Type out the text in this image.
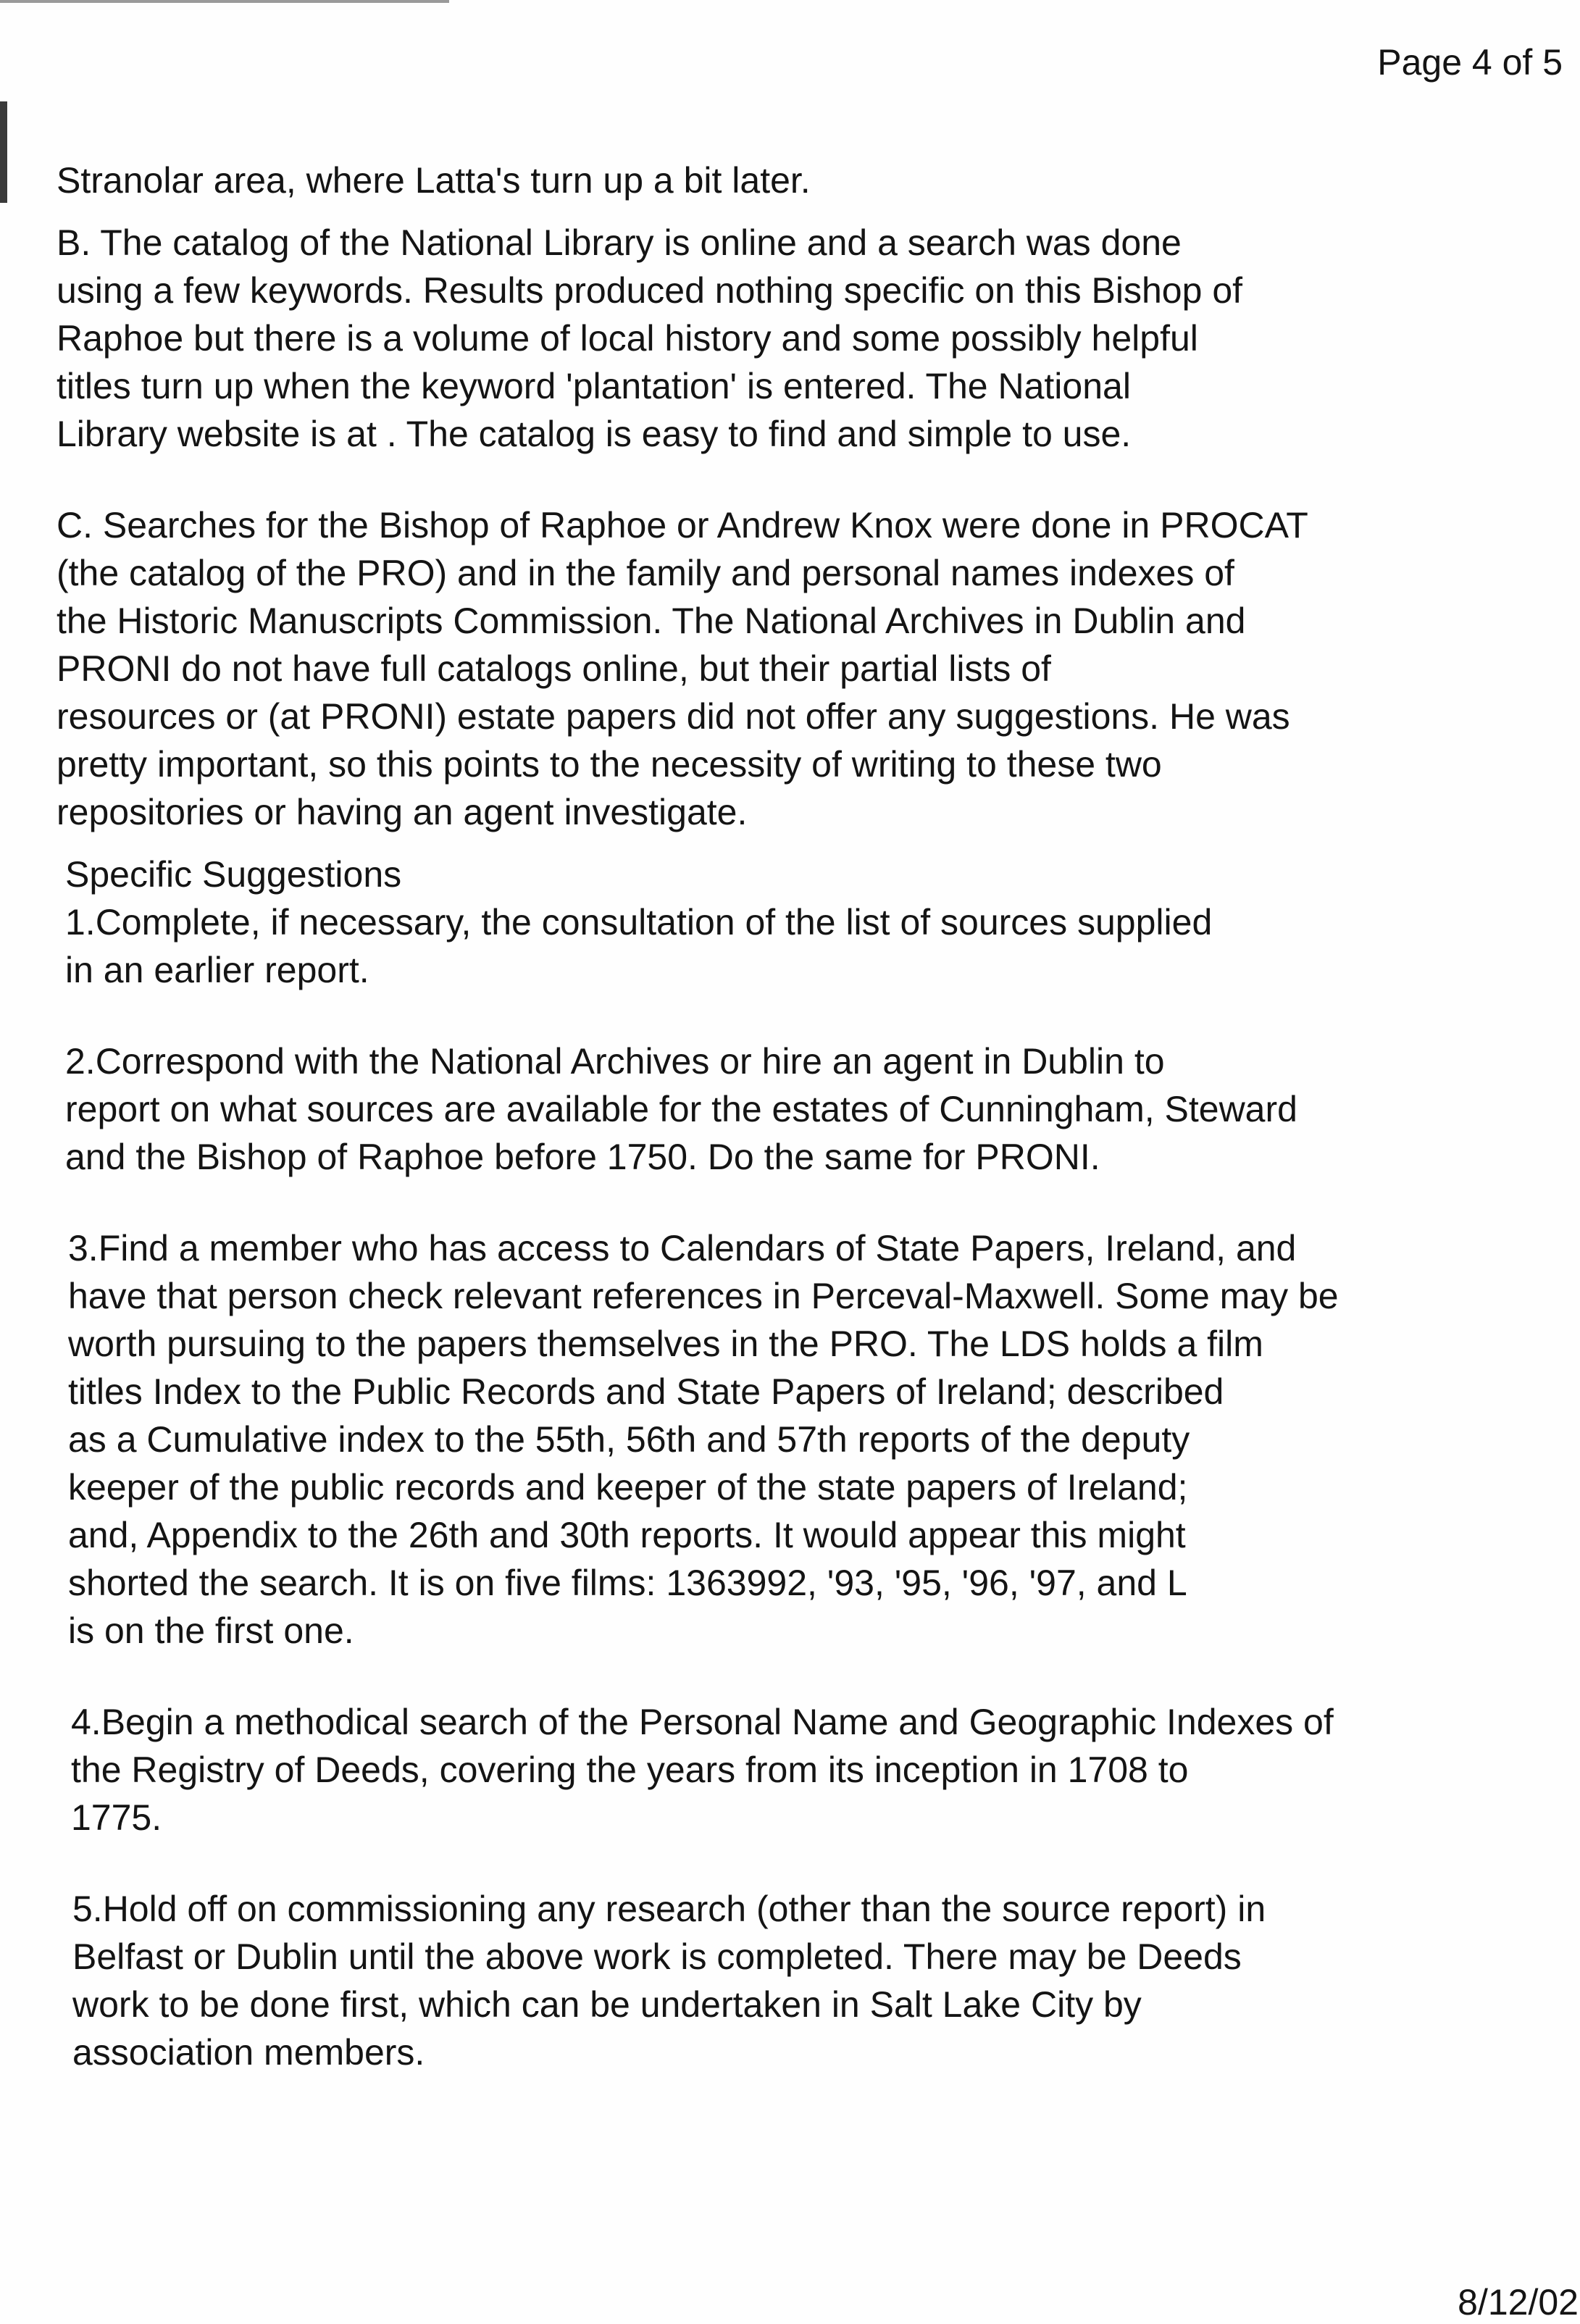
Page 4 of 5

Stranolar area, where Latta's turn up a bit later.

B. The catalog of the National Library is online and a search was done
using a few keywords. Results produced nothing specific on this Bishop of
Raphoe but there is a volume of local history and some possibly helpful
titles turn up when the keyword 'plantation' is entered. The National
Library website is at . The catalog is easy to find and simple to use.

C. Searches for the Bishop of Raphoe or Andrew Knox were done in PROCAT
(the catalog of the PRO) and in the family and personal names indexes of
the Historic Manuscripts Commission. The National Archives in Dublin and
PRONI do not have full catalogs online, but their partial lists of
resources or (at PRONI) estate papers did not offer any suggestions. He was
pretty important, so this points to the necessity of writing to these two
repositories or having an agent investigate.

Specific Suggestions

1.Complete, if necessary, the consultation of the list of sources supplied
in an earlier report.

2.Correspond with the National Archives or hire an agent in Dublin to
report on what sources are available for the estates of Cunningham, Steward
and the Bishop of Raphoe before 1750. Do the same for PRONI.

3.Find a member who has access to Calendars of State Papers, Ireland, and
have that person check relevant references in Perceval-Maxwell. Some may be
worth pursuing to the papers themselves in the PRO. The LDS holds a film
titles Index to the Public Records and State Papers of Ireland; described
as a Cumulative index to the 55th, 56th and 57th reports of the deputy
keeper of the public records and keeper of the state papers of Ireland;
and, Appendix to the 26th and 30th reports. It would appear this might
shorted the search. It is on five films: 1363992, '93, '95, '96, '97, and L
is on the first one.

4.Begin a methodical search of the Personal Name and Geographic Indexes of
the Registry of Deeds, covering the years from its inception in 1708 to
1775.

5.Hold off on commissioning any research (other than the source report) in
Belfast or Dublin until the above work is completed. There may be Deeds
work to be done first, which can be undertaken in Salt Lake City by
association members.

8/12/02
